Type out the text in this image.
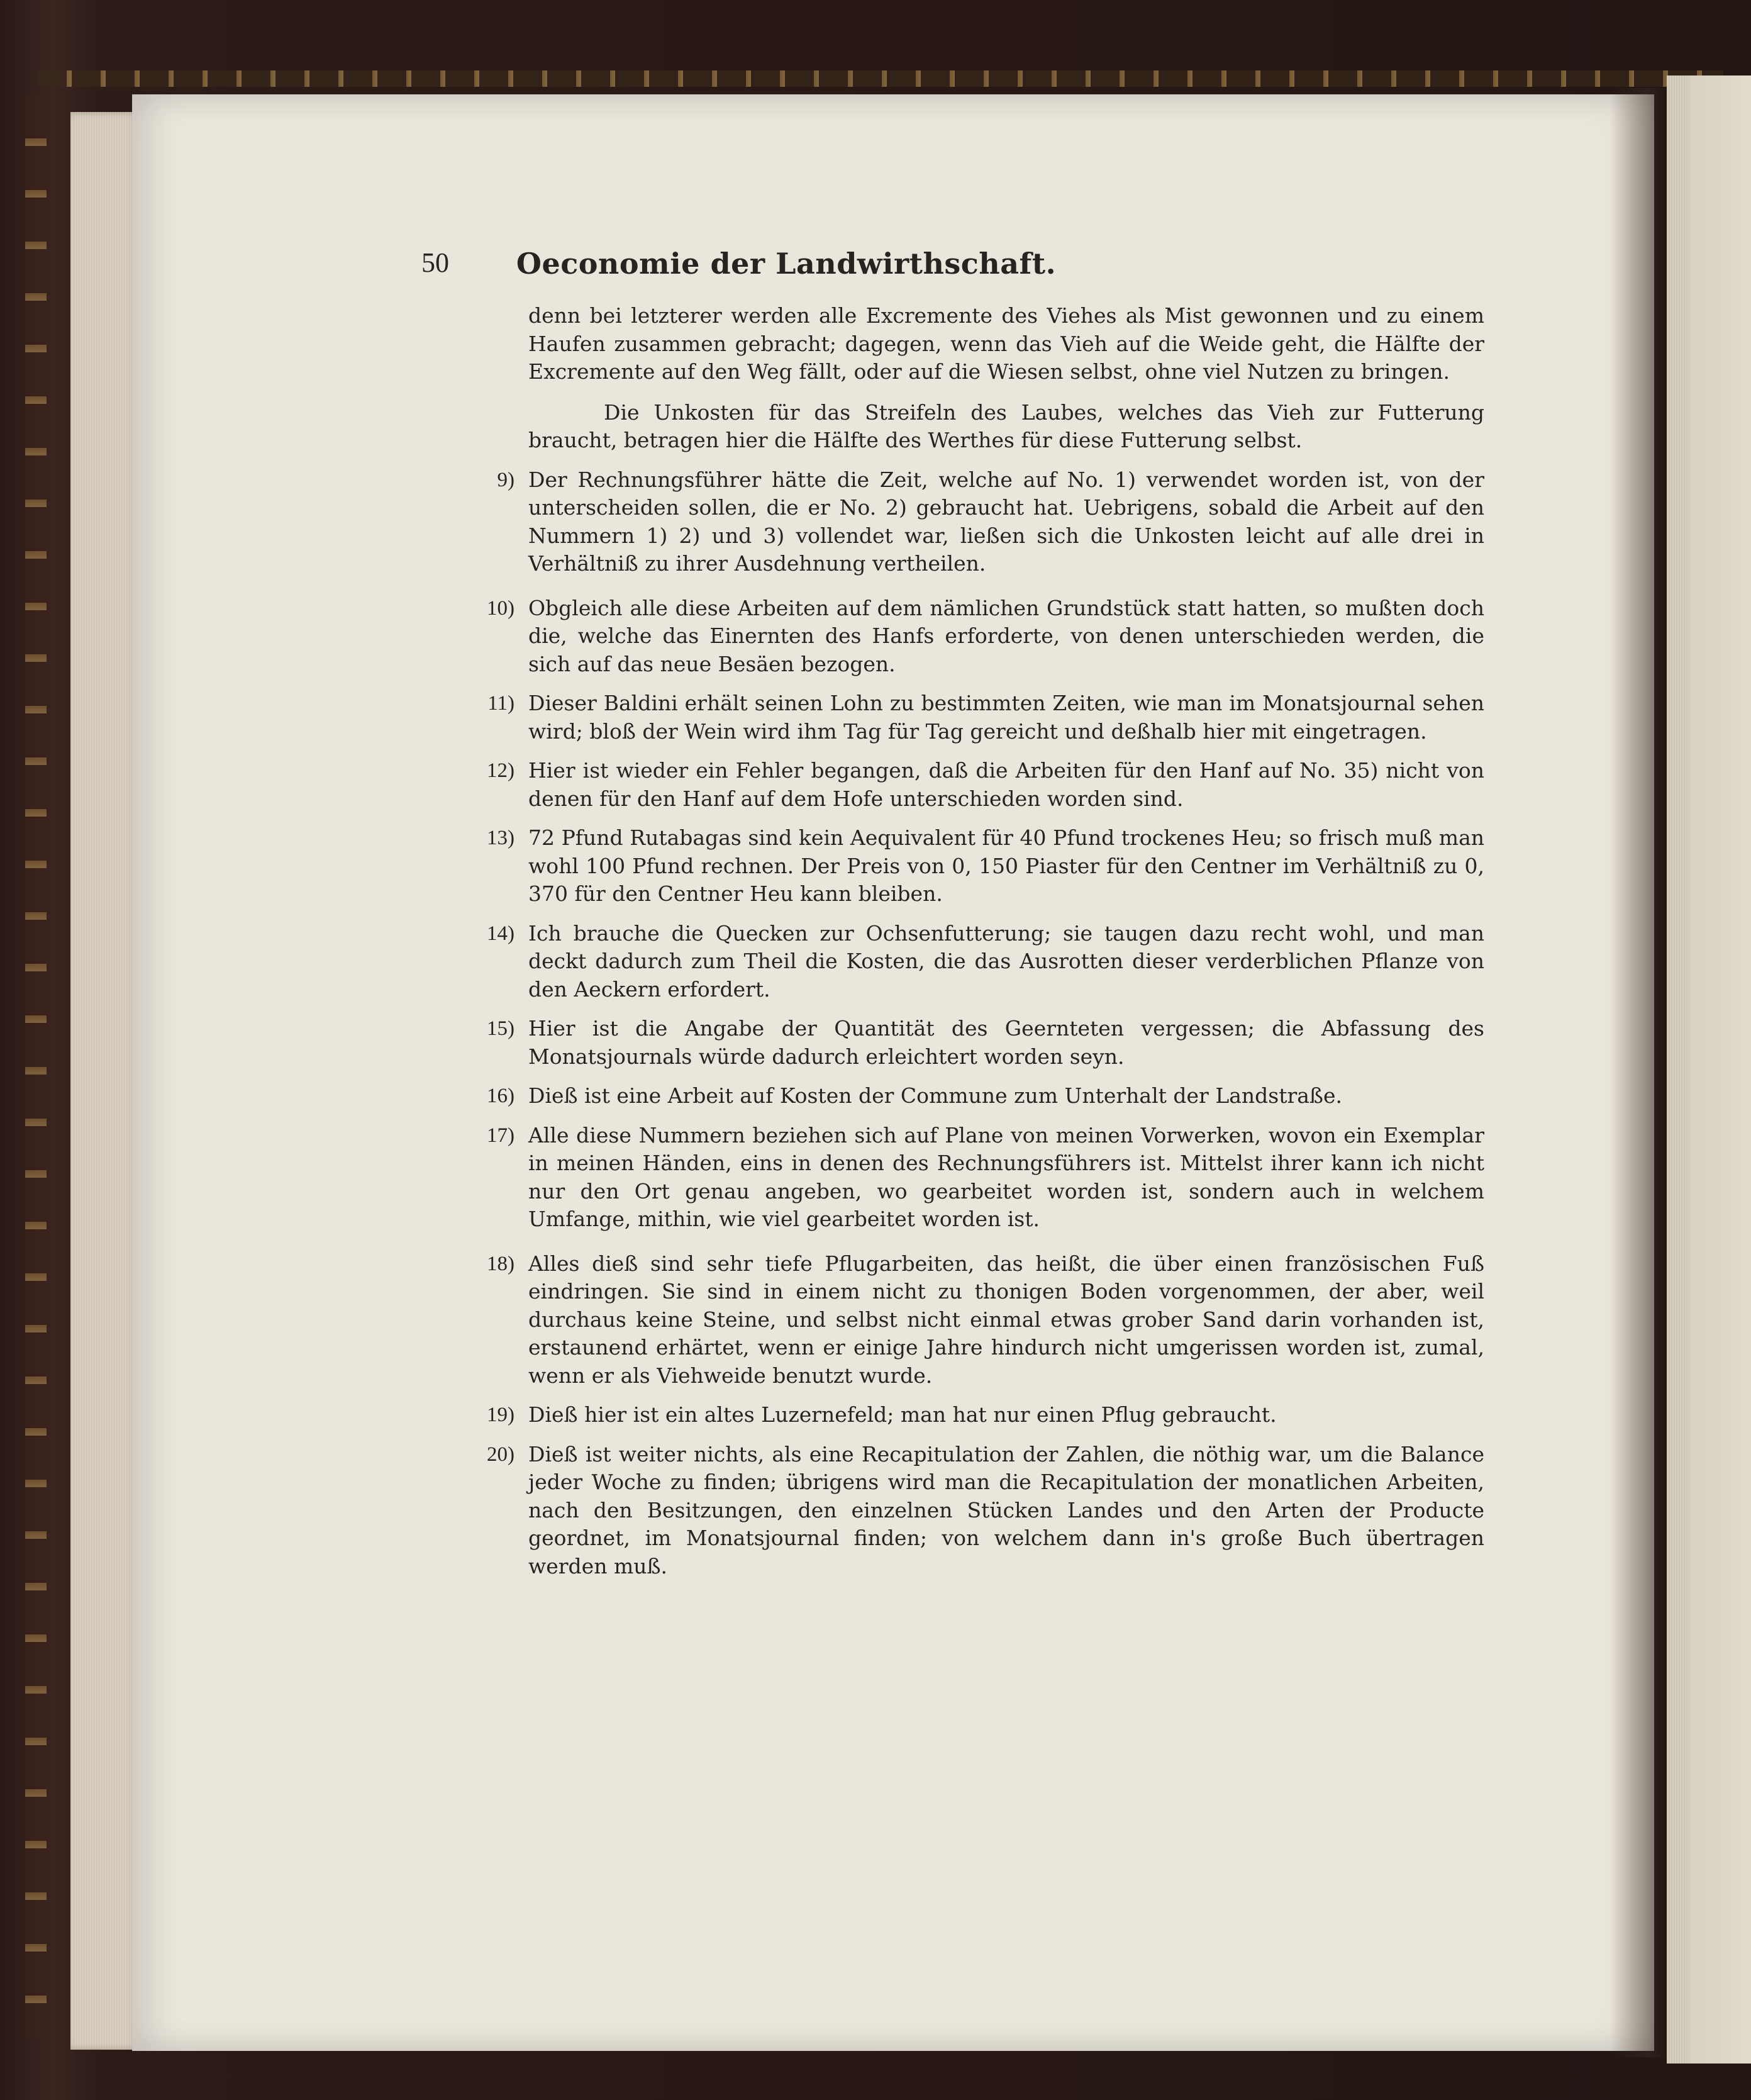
50	Oeconomie der Landwirthschaft.

denn bei letzterer werden alle Excremente des Viehes als Mist gewonnen und zu einem Haufen zusammen gebracht; dagegen, wenn das Vieh auf die Weide geht, die Hälfte der Excremente auf den Weg fällt, oder auf die Wiesen selbst, ohne viel Nutzen zu bringen.

Die Unkosten für das Streifeln des Laubes, welches das Vieh zur Futterung braucht, betragen hier die Hälfte des Werthes für diese Futterung selbst.

9) Der Rechnungsführer hätte die Zeit, welche auf No. 1) verwendet worden ist, von der unterscheiden sollen, die er No. 2) gebraucht hat. Uebrigens, sobald die Arbeit auf den Nummern 1) 2) und 3) vollendet war, ließen sich die Unkosten leicht auf alle drei in Verhältniß zu ihrer Ausdehnung vertheilen.
10) Obgleich alle diese Arbeiten auf dem nämlichen Grundstück statt hatten, so mußten doch die, welche das Einernten des Hanfs erforderte, von denen unterschieden werden, die sich auf das neue Besäen bezogen.
11) Dieser Baldini erhält seinen Lohn zu bestimmten Zeiten, wie man im Monatsjournal sehen wird; bloß der Wein wird ihm Tag für Tag gereicht und deßhalb hier mit eingetragen.
12) Hier ist wieder ein Fehler begangen, daß die Arbeiten für den Hanf auf No. 35) nicht von denen für den Hanf auf dem Hofe unterschieden worden sind.
13) 72 Pfund Rutabagas sind kein Aequivalent für 40 Pfund trockenes Heu; so frisch muß man wohl 100 Pfund rechnen. Der Preis von 0, 150 Piaster für den Centner im Verhältniß zu 0, 370 für den Centner Heu kann bleiben.
14) Ich brauche die Quecken zur Ochsenfutterung; sie taugen dazu recht wohl, und man deckt dadurch zum Theil die Kosten, die das Ausrotten dieser verderblichen Pflanze von den Aeckern erfordert.
15) Hier ist die Angabe der Quantität des Geernteten vergessen; die Abfassung des Monatsjournals würde dadurch erleichtert worden seyn.
16) Dieß ist eine Arbeit auf Kosten der Commune zum Unterhalt der Landstraße.
17) Alle diese Nummern beziehen sich auf Plane von meinen Vorwerken, wovon ein Exemplar in meinen Händen, eins in denen des Rechnungsführers ist. Mittelst ihrer kann ich nicht nur den Ort genau angeben, wo gearbeitet worden ist, sondern auch in welchem Umfange, mithin, wie viel gearbeitet worden ist.
18) Alles dieß sind sehr tiefe Pflugarbeiten, das heißt, die über einen französischen Fuß eindringen. Sie sind in einem nicht zu thonigen Boden vorgenommen, der aber, weil durchaus keine Steine, und selbst nicht einmal etwas grober Sand darin vorhanden ist, erstaunend erhärtet, wenn er einige Jahre hindurch nicht umgerissen worden ist, zumal, wenn er als Viehweide benutzt wurde.
19) Dieß hier ist ein altes Luzernefeld; man hat nur einen Pflug gebraucht.
20) Dieß ist weiter nichts, als eine Recapitulation der Zahlen, die nöthig war, um die Balance jeder Woche zu finden; übrigens wird man die Recapitulation der monatlichen Arbeiten, nach den Besitzungen, den einzelnen Stücken Landes und den Arten der Producte geordnet, im Monatsjournal finden; von welchem dann in's große Buch übertragen werden muß.
